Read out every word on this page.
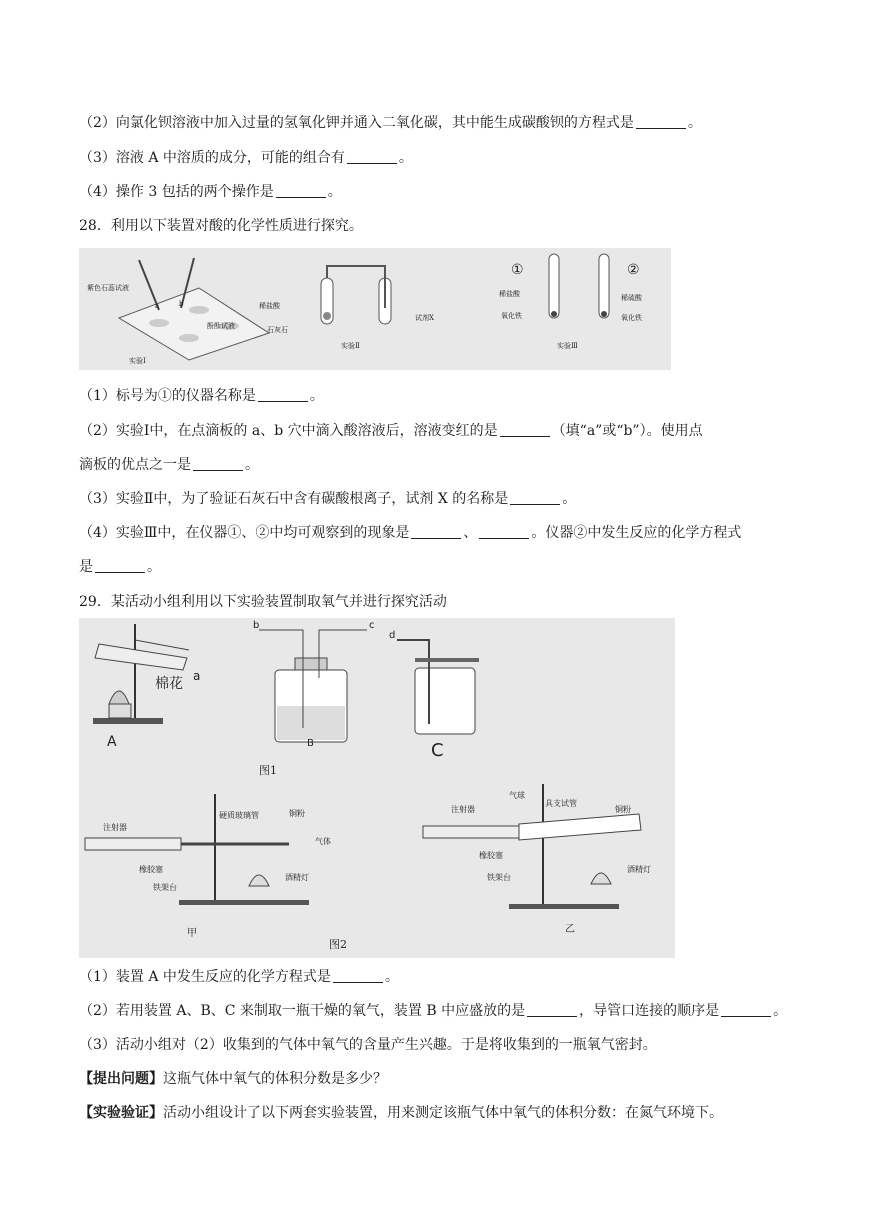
（2）向氯化钡溶液中加入过量的氢氧化钾并通入二氧化碳，其中能生成碳酸钡的方程式是	。
（3）溶液 A 中溶质的成分，可能的组合有	。
（4）操作 3 包括的两个操作是	。
28．利用以下装置对酸的化学性质进行探究。
紫色石蕊试液
酚酞试液
a	b
实验Ⅰ
稀盐酸
石灰石
试剂X
实验Ⅱ
①	②
稀盐酸	稀硫酸
氧化铁	氧化铁
实验Ⅲ
（1）标号为①的仪器名称是	。
（2）实验Ⅰ中，在点滴板的 a、b 穴中滴入酸溶液后，溶液变红的是	（填“a”或“b”）。使用点
滴板的优点之一是	。
（3）实验Ⅱ中，为了验证石灰石中含有碳酸根离子，试剂 X 的名称是	。
（4）实验Ⅲ中，在仪器①、②中均可观察到的现象是	、	。仪器②中发生反应的化学方程式
是	。
29．某活动小组利用以下实验装置制取氧气并进行探究活动
棉花 a
A
b	c
B
d
C
图1
注射器
硬质玻璃管	铜粉
气体
橡胶塞
铁架台
酒精灯
甲
图2
气球
注射器
具支试管
铜粉
橡胶塞
铁架台
酒精灯
乙
（1）装置 A 中发生反应的化学方程式是	。
（2）若用装置 A、B、C 来制取一瓶干燥的氧气，装置 B 中应盛放的是	，导管口连接的顺序是	。
（3）活动小组对（2）收集到的气体中氧气的含量产生兴趣。于是将收集到的一瓶氧气密封。
【提出问题】这瓶气体中氧气的体积分数是多少？
【实验验证】活动小组设计了以下两套实验装置，用来测定该瓶气体中氧气的体积分数：在氮气环境下。
